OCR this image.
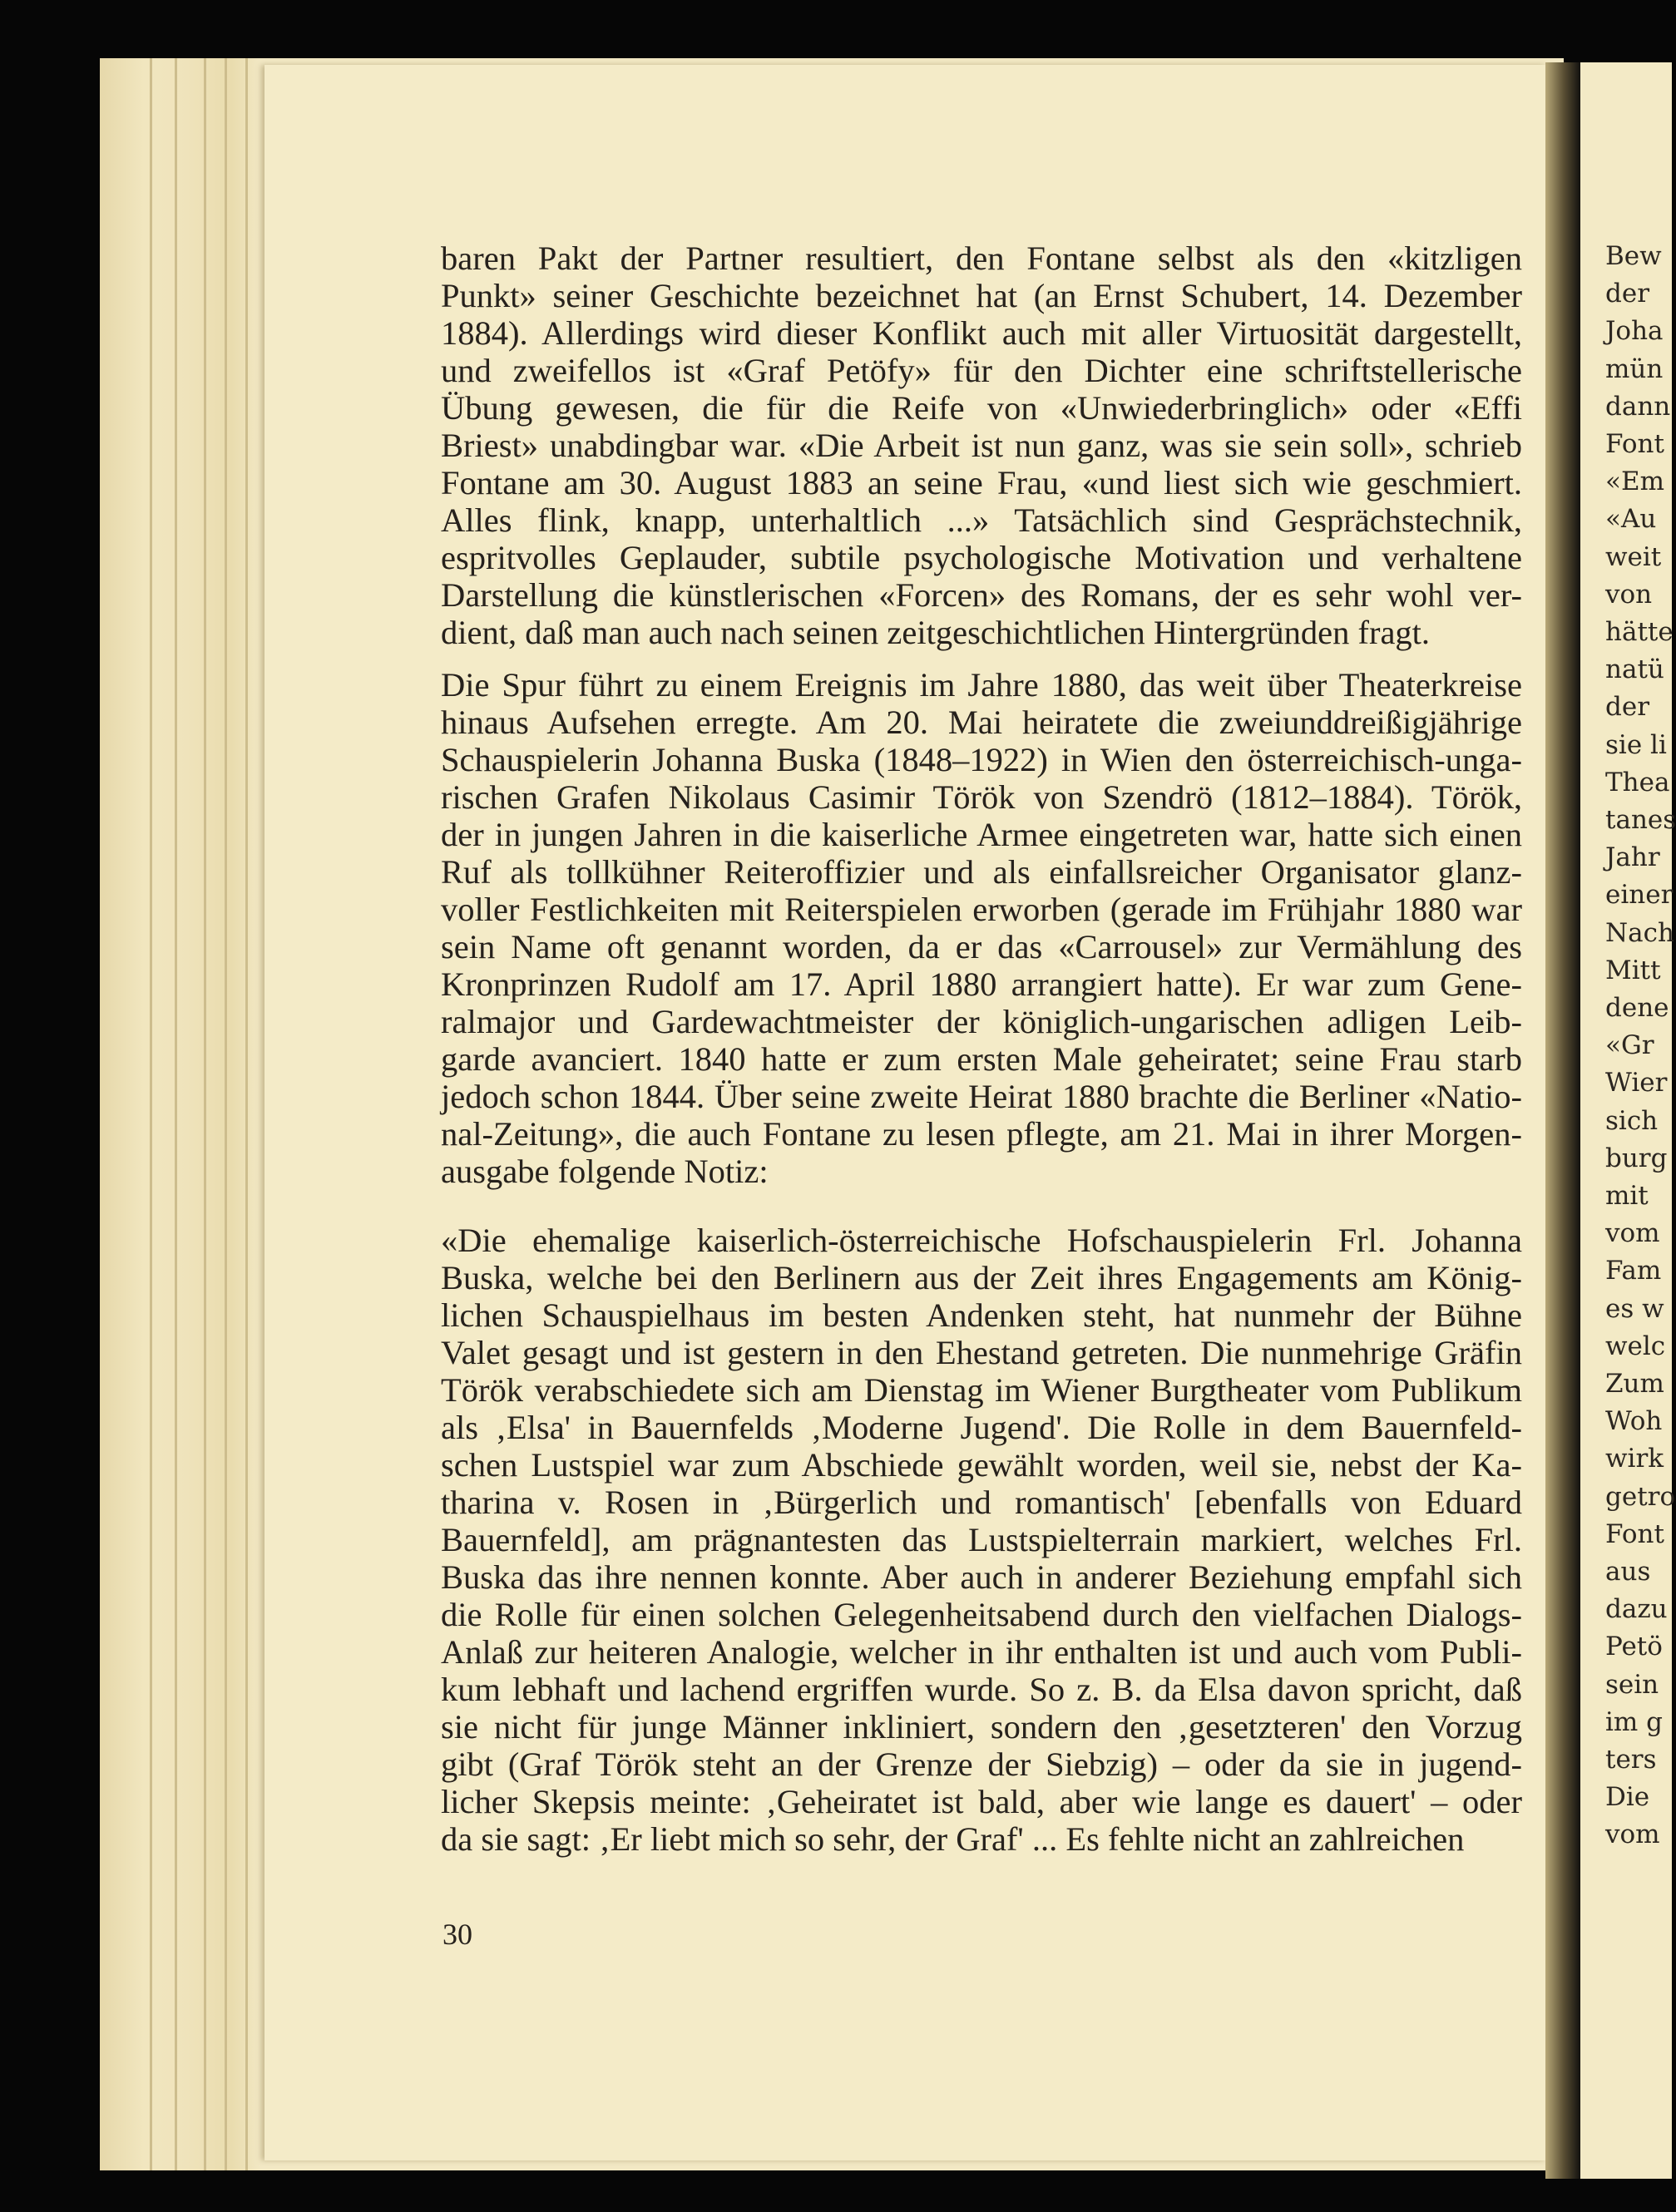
Bew
der
Joha
mün
dann
Font
«Em
«Au
weit
von
hätte
natü
der
sie li
Thea
tanes
Jahr
einer
Nach
Mitt
dene
«Gr
Wier
sich
burg
mit
vom
Fam
es w
welc
Zum
Woh
wirk
getro
Font
aus
dazu
Petö
sein
im g
ters
Die
vom
baren Pakt der Partner resultiert, den Fontane selbst als den «kitzligen
Punkt» seiner Geschichte bezeichnet hat (an Ernst Schubert, 14. Dezember
1884). Allerdings wird dieser Konflikt auch mit aller Virtuosität dargestellt,
und zweifellos ist «Graf Petöfy» für den Dichter eine schriftstellerische
Übung gewesen, die für die Reife von «Unwiederbringlich» oder «Effi
Briest» unabdingbar war. «Die Arbeit ist nun ganz, was sie sein soll», schrieb
Fontane am 30. August 1883 an seine Frau, «und liest sich wie geschmiert.
Alles flink, knapp, unterhaltlich ...» Tatsächlich sind Gesprächstechnik,
espritvolles Geplauder, subtile psychologische Motivation und verhaltene
Darstellung die künstlerischen «Forcen» des Romans, der es sehr wohl ver-
dient, daß man auch nach seinen zeitgeschichtlichen Hintergründen fragt.
Die Spur führt zu einem Ereignis im Jahre 1880, das weit über Theaterkreise
hinaus Aufsehen erregte. Am 20. Mai heiratete die zweiunddreißigjährige
Schauspielerin Johanna Buska (1848–1922) in Wien den österreichisch-unga-
rischen Grafen Nikolaus Casimir Török von Szendrö (1812–1884). Török,
der in jungen Jahren in die kaiserliche Armee eingetreten war, hatte sich einen
Ruf als tollkühner Reiteroffizier und als einfallsreicher Organisator glanz-
voller Festlichkeiten mit Reiterspielen erworben (gerade im Frühjahr 1880 war
sein Name oft genannt worden, da er das «Carrousel» zur Vermählung des
Kronprinzen Rudolf am 17. April 1880 arrangiert hatte). Er war zum Gene-
ralmajor und Gardewachtmeister der königlich-ungarischen adligen Leib-
garde avanciert. 1840 hatte er zum ersten Male geheiratet; seine Frau starb
jedoch schon 1844. Über seine zweite Heirat 1880 brachte die Berliner «Natio-
nal-Zeitung», die auch Fontane zu lesen pflegte, am 21. Mai in ihrer Morgen-
ausgabe folgende Notiz:
«Die ehemalige kaiserlich-österreichische Hofschauspielerin Frl. Johanna
Buska, welche bei den Berlinern aus der Zeit ihres Engagements am König-
lichen Schauspielhaus im besten Andenken steht, hat nunmehr der Bühne
Valet gesagt und ist gestern in den Ehestand getreten. Die nunmehrige Gräfin
Török verabschiedete sich am Dienstag im Wiener Burgtheater vom Publikum
als ‚Elsa' in Bauernfelds ‚Moderne Jugend'. Die Rolle in dem Bauernfeld-
schen Lustspiel war zum Abschiede gewählt worden, weil sie, nebst der Ka-
tharina v. Rosen in ‚Bürgerlich und romantisch' [ebenfalls von Eduard
Bauernfeld], am prägnantesten das Lustspielterrain markiert, welches Frl.
Buska das ihre nennen konnte. Aber auch in anderer Beziehung empfahl sich
die Rolle für einen solchen Gelegenheitsabend durch den vielfachen Dialogs-
Anlaß zur heiteren Analogie, welcher in ihr enthalten ist und auch vom Publi-
kum lebhaft und lachend ergriffen wurde. So z. B. da Elsa davon spricht, daß
sie nicht für junge Männer inkliniert, sondern den ‚gesetzteren' den Vorzug
gibt (Graf Török steht an der Grenze der Siebzig) – oder da sie in jugend-
licher Skepsis meinte: ‚Geheiratet ist bald, aber wie lange es dauert' – oder
da sie sagt: ‚Er liebt mich so sehr, der Graf' ... Es fehlte nicht an zahlreichen
30
